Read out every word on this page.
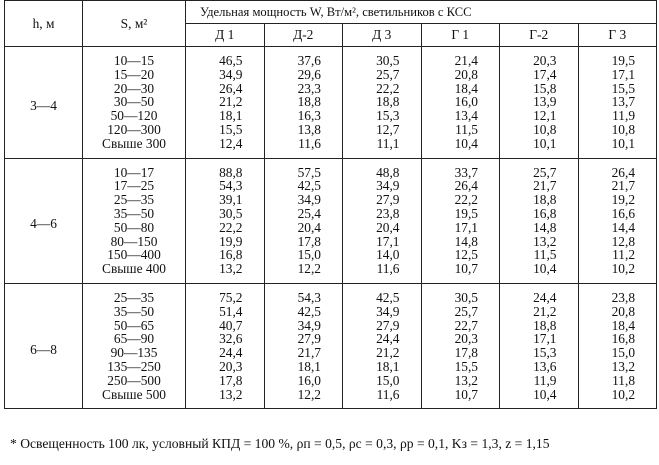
h, м	S, м²	Удельная мощность W, Вт/м², светильников с КСС					
		Д 1	Д-2	Д 3	Г 1	Г-2	Г 3
3—4	10—15	46,5	37,6	30,5	21,4	20,3	19,5
	15—20	34,9	29,6	25,7	20,8	17,4	17,1
	20—30	26,4	23,3	22,2	18,4	15,8	15,5
	30—50	21,2	18,8	18,8	16,0	13,9	13,7
	50—120	18,1	16,3	15,3	13,4	12,1	11,9
	120—300	15,5	13,8	12,7	11,5	10,8	10,8
	Свыше 300	12,4	11,6	11,1	10,4	10,1	10,1
4—6	10—17	88,8	57,5	48,8	33,7	25,7	26,4
	17—25	54,3	42,5	34,9	26,4	21,7	21,7
	25—35	39,1	34,9	27,9	22,2	18,8	19,2
	35—50	30,5	25,4	23,8	19,5	16,8	16,6
	50—80	22,2	20,4	20,4	17,1	14,8	14,4
	80—150	19,9	17,8	17,1	14,8	13,2	12,8
	150—400	16,8	15,0	14,0	12,5	11,5	11,2
	Свыше 400	13,2	12,2	11,6	10,7	10,4	10,2
6—8	25—35	75,2	54,3	42,5	30,5	24,4	23,8
	35—50	51,4	42,5	34,9	25,7	21,2	20,8
	50—65	40,7	34,9	27,9	22,7	18,8	18,4
	65—90	32,6	27,9	24,4	20,3	17,1	16,8
	90—135	24,4	21,7	21,2	17,8	15,3	15,0
	135—250	20,3	18,1	18,1	15,5	13,6	13,2
	250—500	17,8	16,0	15,0	13,2	11,9	11,8
	Свыше 500	13,2	12,2	11,6	10,7	10,4	10,2
* Освещенность 100 лк, условный КПД = 100 %, ρп = 0,5, ρс = 0,3, ρр = 0,1, Kз = 1,3, z = 1,15
